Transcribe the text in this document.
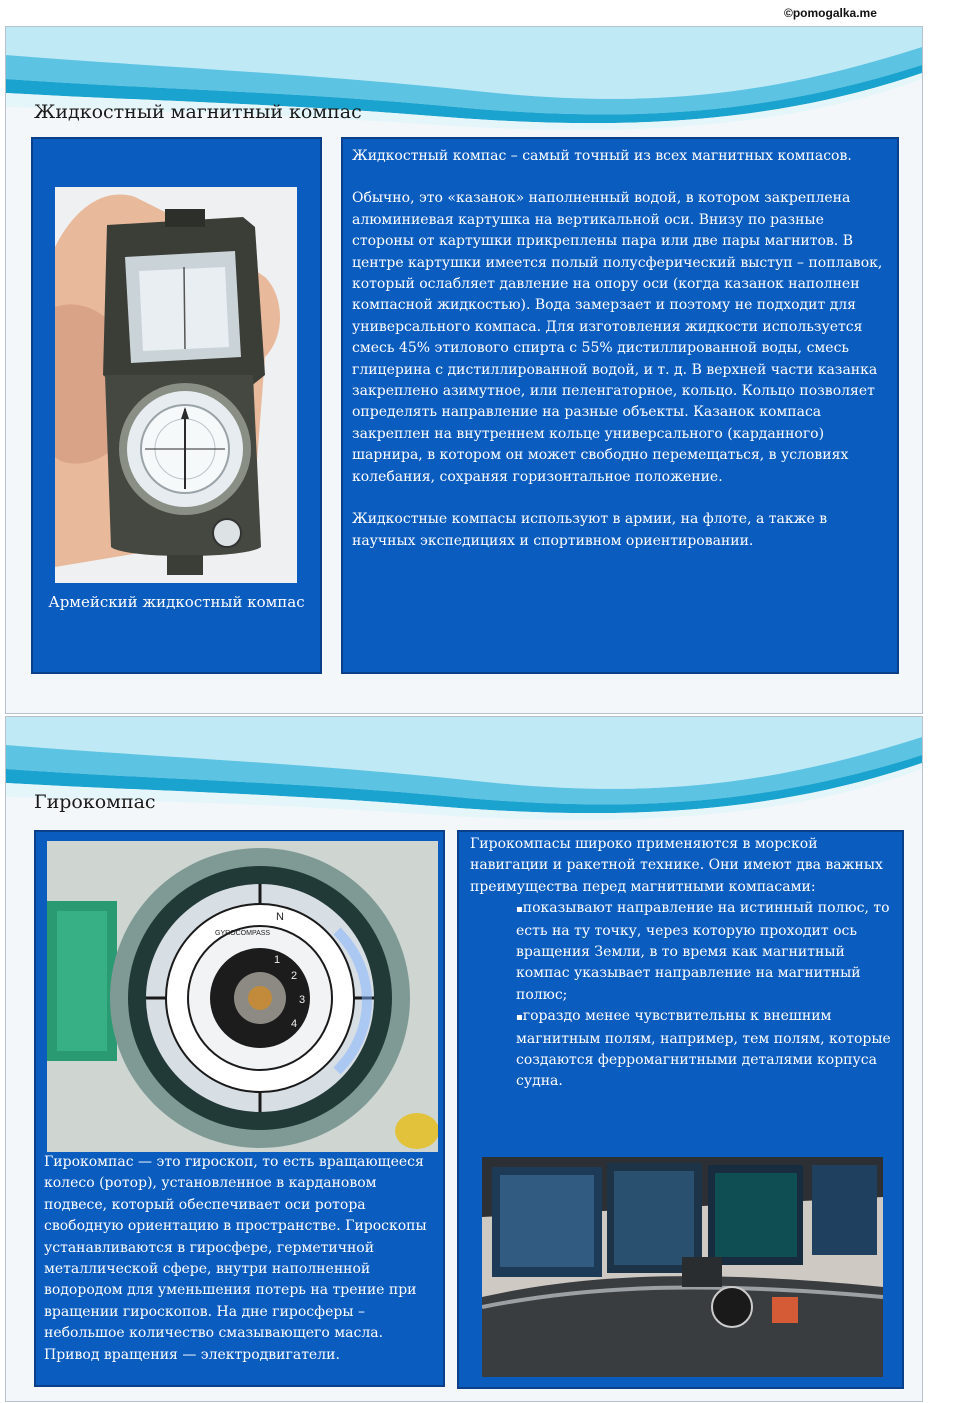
©pomogalka.me
Жидкостный магнитный компас
Армейский жидкостный компас

Жидкостный компас – самый точный из всех магнитных компасов.

Обычно, это «казанок» наполненный водой, в котором закреплена алюминиевая картушка на вертикальной оси. Внизу по разные стороны от картушки прикреплены пара или две пары магнитов. В центре картушки имеется полый полусферический выступ – поплавок, который ослабляет давление на опору оси (когда казанок наполнен компасной жидкостью). Вода замерзает и поэтому не подходит для универсального компаса. Для изготовления жидкости используется смесь 45% этилового спирта с 55% дистиллированной воды, смесь глицерина с дистиллированной водой, и т. д. В верхней части казанка закреплено азимутное, или пеленгаторное, кольцо. Кольцо позволяет определять направление на разные объекты. Казанок компаса закреплен на внутреннем кольце универсального (карданного) шарнира, в котором он может свободно перемещаться, в условиях колебания, сохраняя горизонтальное положение.

Жидкостные компасы используют в армии, на флоте, а также в научных экспедициях и спортивном ориентировании.

Гирокомпас
N
GYROCOMPASS
1
2
3
4

Гирокомпас — это гироскоп, то есть вращающееся колесо (ротор), установленное в кардановом подвесе, который обеспечивает оси ротора свободную ориентацию в пространстве. Гироскопы устанавливаются в гиросфере, герметичной металлической сфере, внутри наполненной водородом для уменьшения потерь на трение при вращении гироскопов. На дне гиросферы – небольшое количество смазывающего масла. Привод вращения — электродвигатели.

Гирокомпасы широко применяются в морской навигации и ракетной технике. Они имеют два важных преимущества перед магнитными компасами:

▪показывают направление на истинный полюс, то есть на ту точку, через которую проходит ось вращения Земли, в то время как магнитный компас указывает направление на магнитный полюс;

▪гораздо менее чувствительны к внешним магнитным полям, например, тем полям, которые создаются ферромагнитными деталями корпуса судна.
